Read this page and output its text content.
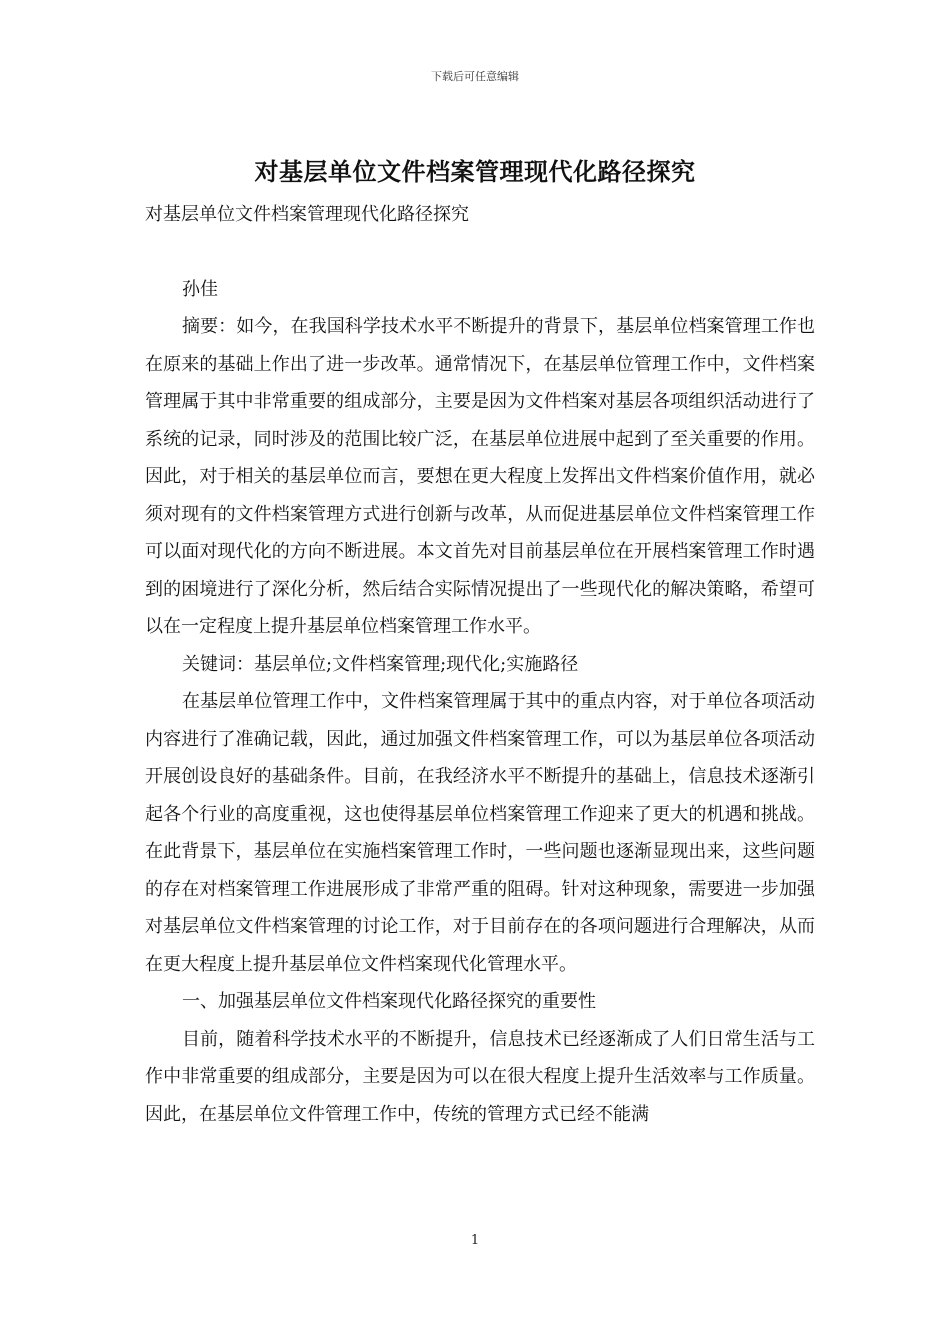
下载后可任意编辑
对基层单位文件档案管理现代化路径探究

对基层单位文件档案管理现代化路径探究

孙佳

摘要：如今，在我国科学技术水平不断提升的背景下，基层单位档案管理工作也在原来的基础上作出了进一步改革。通常情况下，在基层单位管理工作中，文件档案管理属于其中非常重要的组成部分，主要是因为文件档案对基层各项组织活动进行了系统的记录，同时涉及的范围比较广泛，在基层单位进展中起到了至关重要的作用。因此，对于相关的基层单位而言，要想在更大程度上发挥出文件档案价值作用，就必须对现有的文件档案管理方式进行创新与改革，从而促进基层单位文件档案管理工作可以面对现代化的方向不断进展。本文首先对目前基层单位在开展档案管理工作时遇到的困境进行了深化分析，然后结合实际情况提出了一些现代化的解决策略，希望可以在一定程度上提升基层单位档案管理工作水平。

关键词：基层单位;文件档案管理;现代化;实施路径

在基层单位管理工作中，文件档案管理属于其中的重点内容，对于单位各项活动内容进行了准确记载，因此，通过加强文件档案管理工作，可以为基层单位各项活动开展创设良好的基础条件。目前，在我经济水平不断提升的基础上，信息技术逐渐引起各个行业的高度重视，这也使得基层单位档案管理工作迎来了更大的机遇和挑战。在此背景下，基层单位在实施档案管理工作时，一些问题也逐渐显现出来，这些问题的存在对档案管理工作进展形成了非常严重的阻碍。针对这种现象，需要进一步加强对基层单位文件档案管理的讨论工作，对于目前存在的各项问题进行合理解决，从而在更大程度上提升基层单位文件档案现代化管理水平。

一、加强基层单位文件档案现代化路径探究的重要性

目前，随着科学技术水平的不断提升，信息技术已经逐渐成了人们日常生活与工作中非常重要的组成部分，主要是因为可以在很大程度上提升生活效率与工作质量。因此，在基层单位文件管理工作中，传统的管理方式已经不能满

1
